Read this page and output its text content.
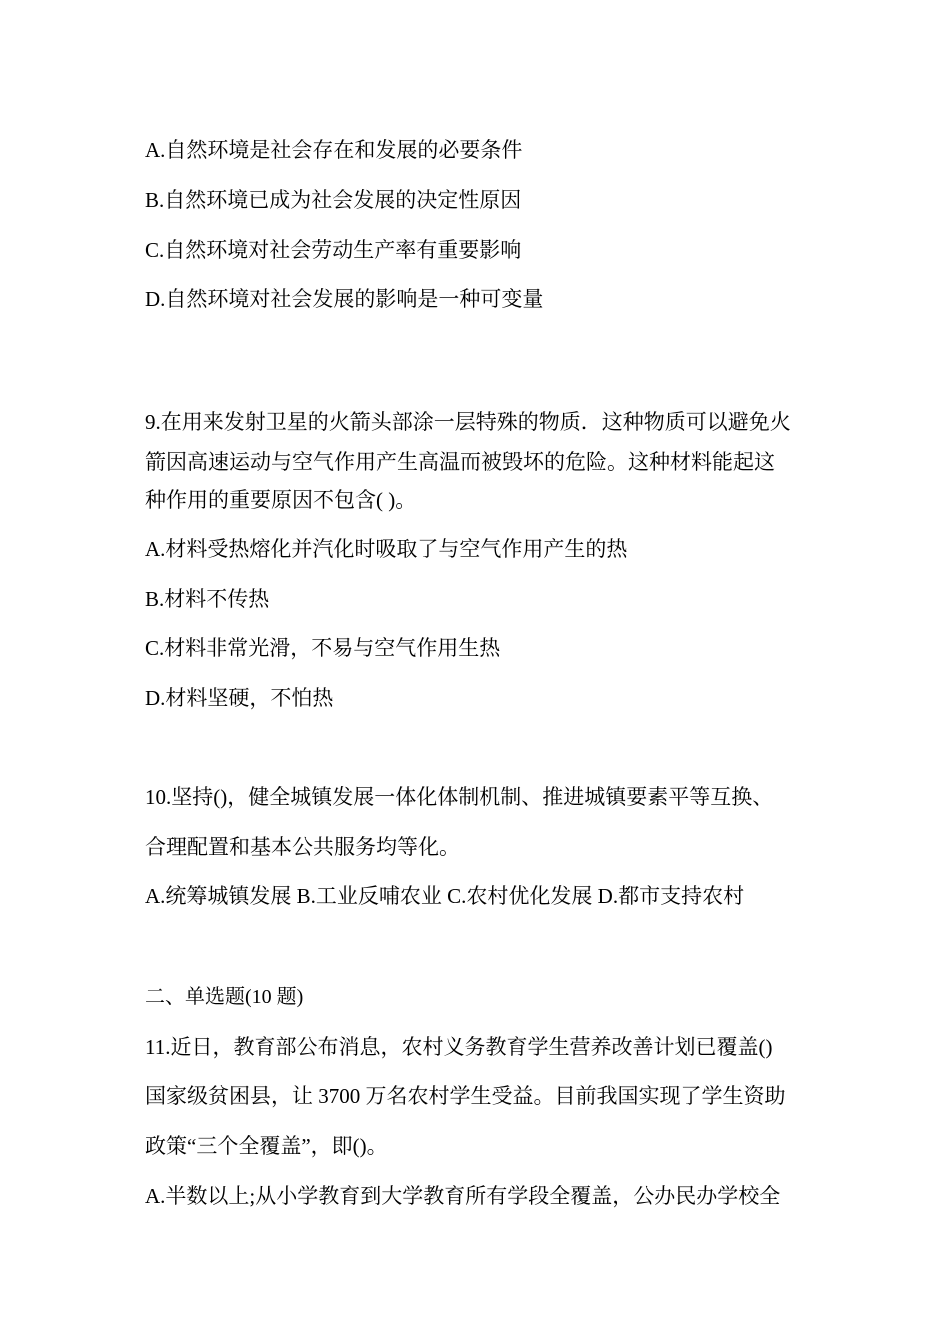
A.自然环境是社会存在和发展的必要条件
B.自然环境已成为社会发展的决定性原因
C.自然环境对社会劳动生产率有重要影响
D.自然环境对社会发展的影响是一种可变量
9.在用来发射卫星的火箭头部涂一层特殊的物质．这种物质可以避免火
箭因高速运动与空气作用产生高温而被毁坏的危险。这种材料能起这
种作用的重要原因不包含( )。
A.材料受热熔化并汽化时吸取了与空气作用产生的热
B.材料不传热
C.材料非常光滑，不易与空气作用生热
D.材料坚硬，不怕热
10.坚持()，健全城镇发展一体化体制机制、推进城镇要素平等互换、
合理配置和基本公共服务均等化。
A.统筹城镇发展 B.工业反哺农业 C.农村优化发展 D.都市支持农村
二、单选题(10 题)
11.近日，教育部公布消息，农村义务教育学生营养改善计划已覆盖()
国家级贫困县，让 3700 万名农村学生受益。目前我国实现了学生资助
政策“三个全覆盖”，即()。
A.半数以上;从小学教育到大学教育所有学段全覆盖，公办民办学校全
